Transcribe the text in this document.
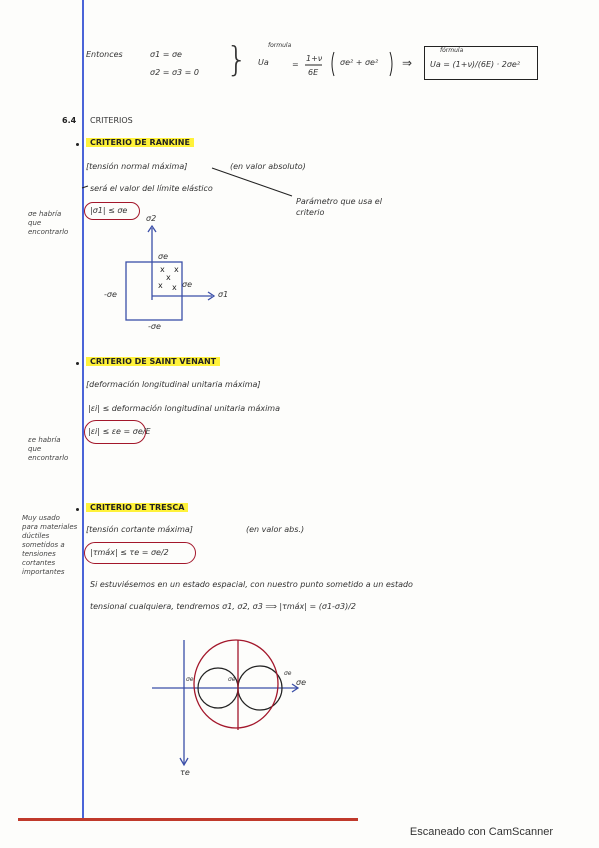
Entonces	σ1 = σe
σ2 = σ3 = 0 }	formula
Ua	=
1+ν
6E
σe² + σe² ⇒
fórmula
Ua = (1+ν)/(6E) · 2σe²
6.4 CRITERIOS
CRITERIO DE RANKINE
[tensión normal máxima]	(en valor absoluto)
será el valor del límite elástico
Parámetro que usa el criterio
|σ1| ≤ σe
σe habría que encontrarlo
σ2
σ1
σe
σe
-σe
-σe
CRITERIO DE SAINT VENANT
[deformación longitudinal unitaria máxima]
|εi| ≤ deformación longitudinal unitaria máxima
|εi| ≤ εe = σe/E
εe habría que encontrarlo
CRITERIO DE TRESCA
[tensión cortante máxima]	(en valor abs.)
|τmáx| ≤ τe = σe/2
Muy usado para materiales dúctiles sometidos a tensiones cortantes importantes
Si estuviésemos en un estado espacial, con nuestro punto sometido a un estado
tensional cualquiera, tendremos σ1, σ2, σ3 ⟹ |τmáx| = (σ1-σ3)/2
σe
τe
σe	σe
σe
x x
x
x x
Escaneado con CamScanner
